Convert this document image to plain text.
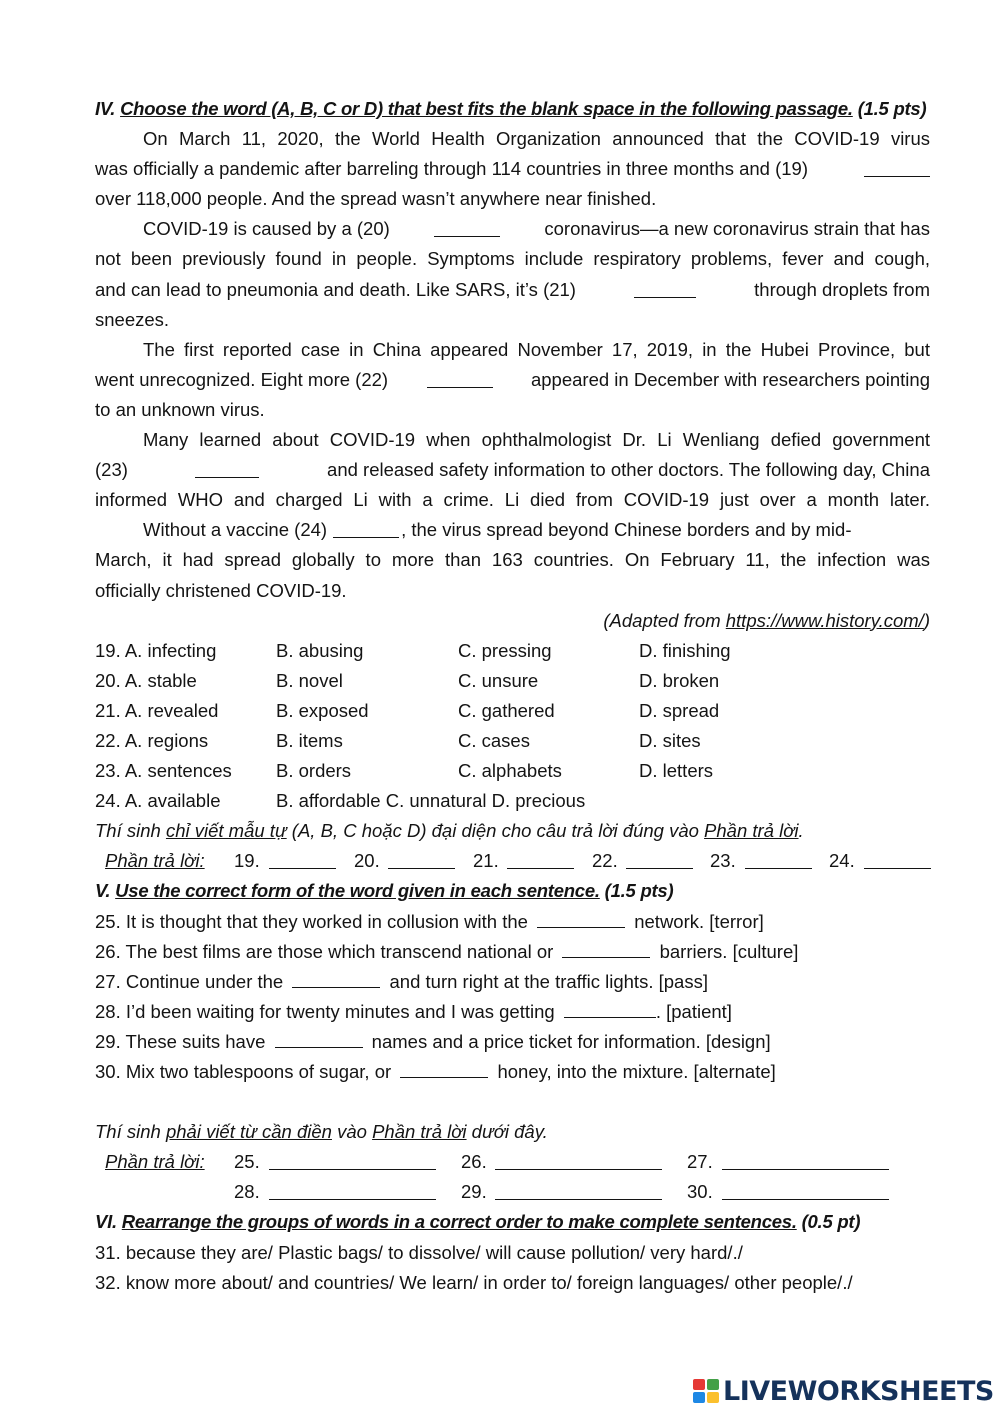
IV. Choose the word (A, B, C or D) that best fits the blank space in the following passage. (1.5 pts)
On March 11, 2020, the World Health Organization announced that the COVID-19 virus
was officially a pandemic after barreling through 114 countries in three months and (19)
over 118,000 people. And the spread wasn’t anywhere near finished.
COVID-19 is caused by a (20)	coronavirus—a new coronavirus strain that has
not been previously found in people. Symptoms include respiratory problems, fever and cough,
and can lead to pneumonia and death. Like SARS, it’s (21)	through droplets from
sneezes.
The first reported case in China appeared November 17, 2019, in the Hubei Province, but
went unrecognized. Eight more (22)	appeared in December with researchers pointing
to an unknown virus.
Many learned about COVID-19 when ophthalmologist Dr. Li Wenliang defied government
(23)	and released safety information to other doctors. The following day, China
informed WHO and charged Li with a crime. Li died from COVID-19 just over a month later.
Without a vaccine (24)	, the virus spread beyond Chinese borders and by mid-
March, it had spread globally to more than 163 countries. On February 11, the infection was
officially christened COVID-19.
(Adapted from https://www.history.com/)
19. A. infecting	B. abusing	C. pressing	D. finishing
20. A. stable	B. novel	C. unsure	D. broken
21. A. revealed	B. exposed	C. gathered	D. spread
22. A. regions	B. items	C. cases	D. sites
23. A. sentences B. orders	C. alphabets	D. letters
24. A. available	B. affordable C. unnatural D. precious
Thí sinh chỉ viết mẫu tự (A, B, C hoặc D) đại diện cho câu trả lời đúng vào Phần trả lời.
Phần trả lời: 19.	20.	21.	22.	23.	24.
V. Use the correct form of the word given in each sentence. (1.5 pts)
25. It is thought that they worked in collusion with the	network. [terror]
26. The best films are those which transcend national or	barriers. [culture]
27. Continue under the	and turn right at the traffic lights. [pass]
28. I’d been waiting for twenty minutes and I was getting	. [patient]
29. These suits have	names and a price ticket for information. [design]
30. Mix two tablespoons of sugar, or	honey, into the mixture. [alternate]
Thí sinh phải viết từ cần điền vào Phần trả lời dưới đây.
Phần trả lời: 25.	26.	27.
28.	29.	30.
VI. Rearrange the groups of words in a correct order to make complete sentences. (0.5 pt)
31. because they are/ Plastic bags/ to dissolve/ will cause pollution/ very hard/./
32. know more about/ and countries/ We learn/ in order to/ foreign languages/ other people/./
LIVEWORKSHEETS
